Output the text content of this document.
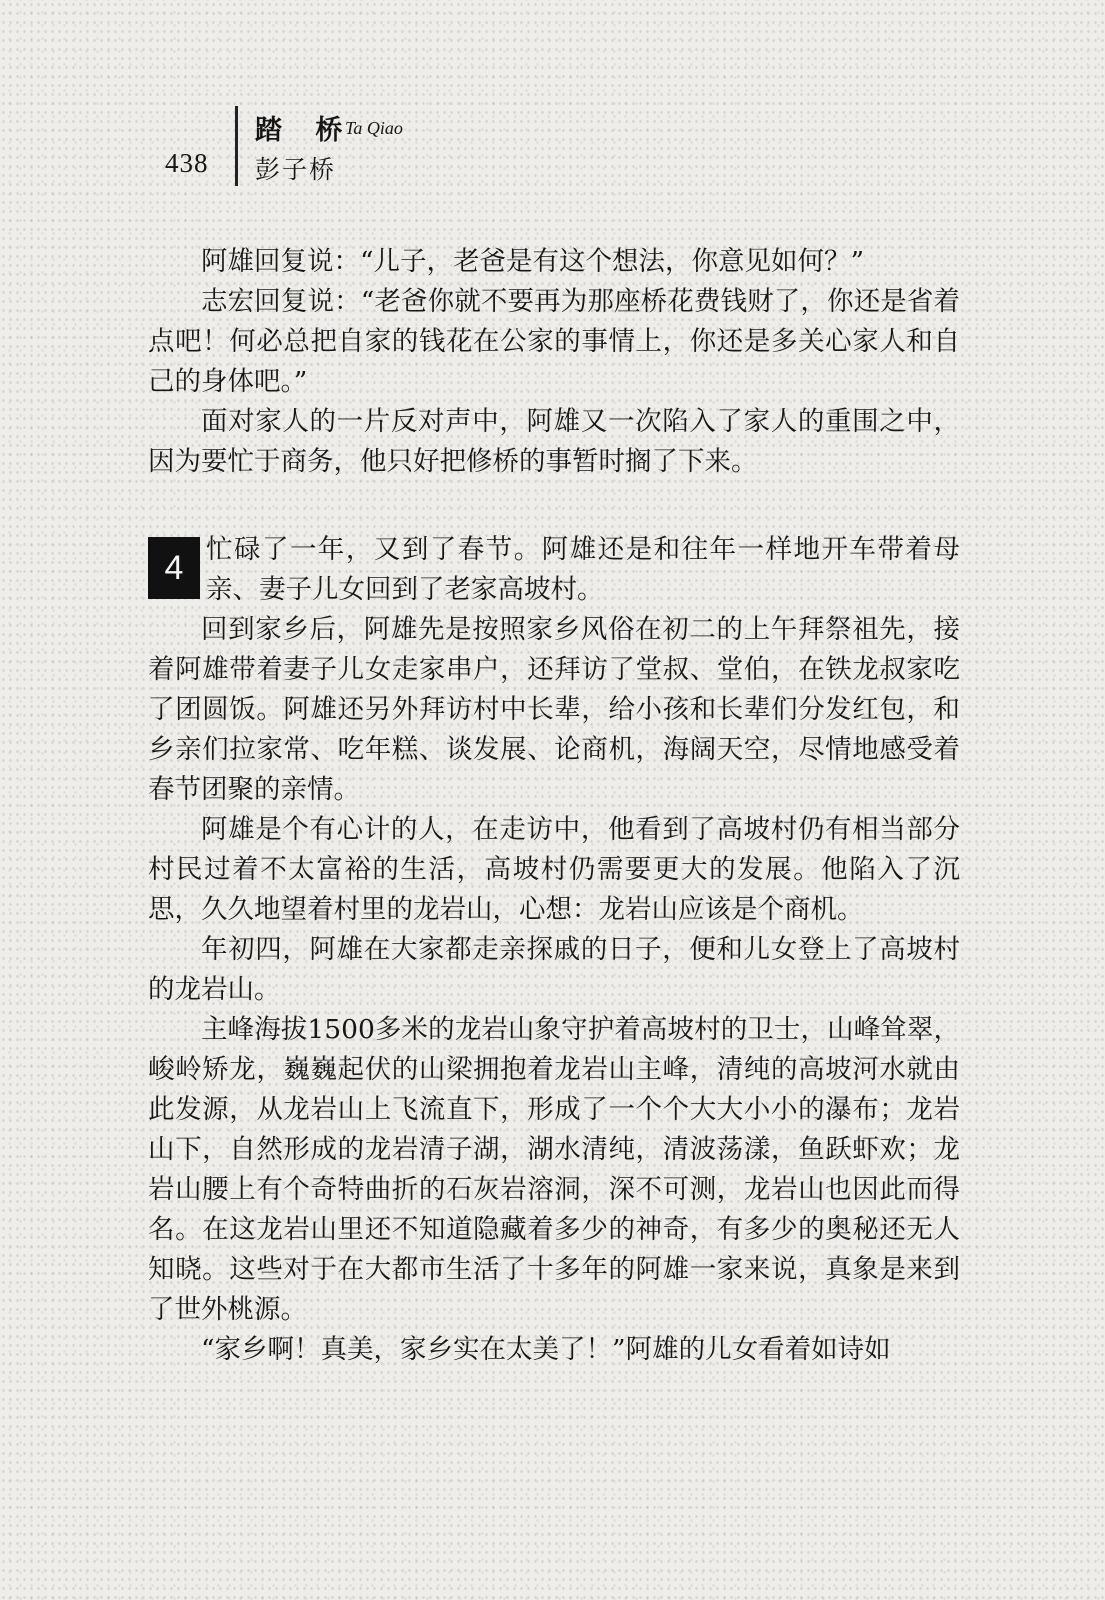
438
踏 桥
Ta Qiao
彭子桥

阿雄回复说：“儿子，老爸是有这个想法，你意见如何？”

志宏回复说：“老爸你就不要再为那座桥花费钱财了，你还是省着点吧！何必总把自家的钱花在公家的事情上，你还是多关心家人和自己的身体吧。”

面对家人的一片反对声中，阿雄又一次陷入了家人的重围之中，因为要忙于商务，他只好把修桥的事暂时搁了下来。

4 忙碌了一年，又到了春节。阿雄还是和往年一样地开车带着母亲、妻子儿女回到了老家高坡村。

回到家乡后，阿雄先是按照家乡风俗在初二的上午拜祭祖先，接着阿雄带着妻子儿女走家串户，还拜访了堂叔、堂伯，在铁龙叔家吃了团圆饭。阿雄还另外拜访村中长辈，给小孩和长辈们分发红包，和乡亲们拉家常、吃年糕、谈发展、论商机，海阔天空，尽情地感受着春节团聚的亲情。

阿雄是个有心计的人，在走访中，他看到了高坡村仍有相当部分村民过着不太富裕的生活，高坡村仍需要更大的发展。他陷入了沉思，久久地望着村里的龙岩山，心想：龙岩山应该是个商机。

年初四，阿雄在大家都走亲探戚的日子，便和儿女登上了高坡村的龙岩山。

主峰海拔1500多米的龙岩山象守护着高坡村的卫士，山峰耸翠，峻岭矫龙，巍巍起伏的山梁拥抱着龙岩山主峰，清纯的高坡河水就由此发源，从龙岩山上飞流直下，形成了一个个大大小小的瀑布；龙岩山下，自然形成的龙岩清子湖，湖水清纯，清波荡漾，鱼跃虾欢；龙岩山腰上有个奇特曲折的石灰岩溶洞，深不可测，龙岩山也因此而得名。在这龙岩山里还不知道隐藏着多少的神奇，有多少的奥秘还无人知晓。这些对于在大都市生活了十多年的阿雄一家来说，真象是来到了世外桃源。

“家乡啊！真美，家乡实在太美了！”阿雄的儿女看着如诗如
